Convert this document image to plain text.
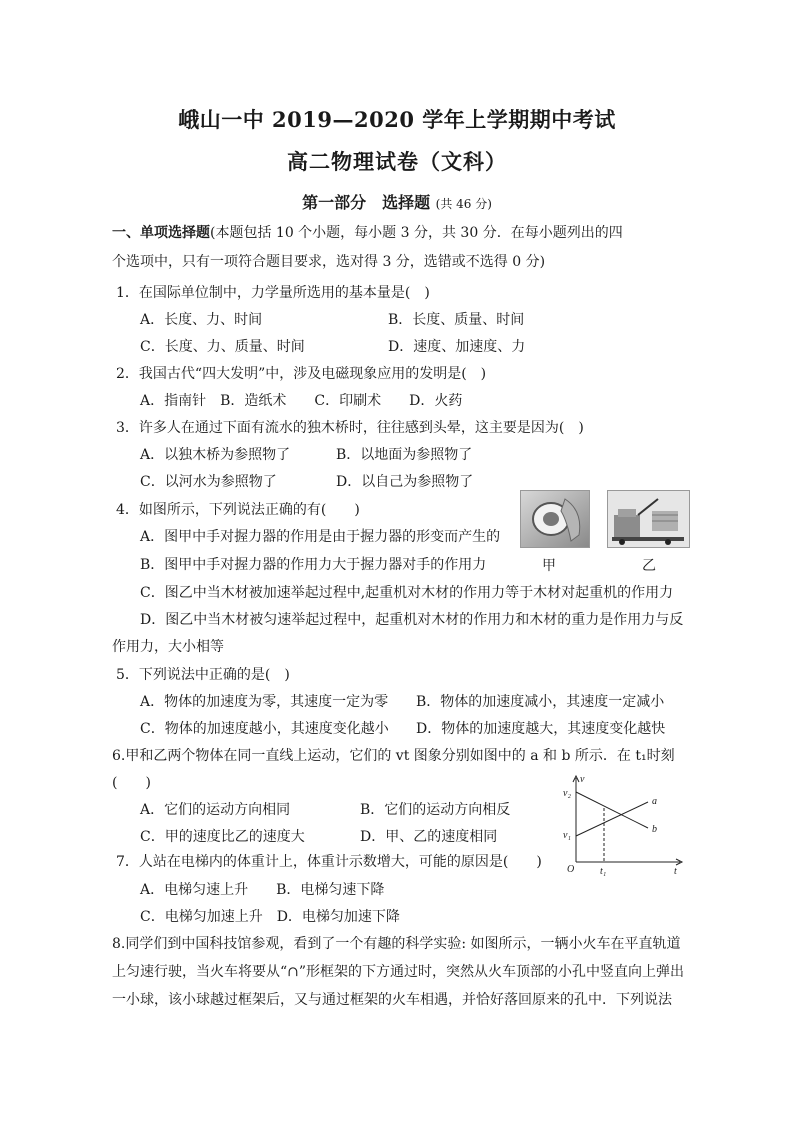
峨山一中 2019—2020 学年上学期期中考试
高二物理试卷（文科）
第一部分　选择题 (共 46 分)
一、单项选择题(本题包括 10 个小题，每小题 3 分，共 30 分．在每小题列出的四
个选项中，只有一项符合题目要求，选对得 3 分，选错或不选得 0 分)
1．在国际单位制中，力学量所选用的基本量是(　)
A．长度、力、时间	B．长度、质量、时间
C．长度、力、质量、时间	D．速度、加速度、力
2．我国古代“四大发明”中，涉及电磁现象应用的发明是(　)
A．指南针　B．造纸术　　C．印刷术　　D．火药
3．许多人在通过下面有流水的独木桥时，往往感到头晕，这主要是因为(　)
A．以独木桥为参照物了	B．以地面为参照物了
C．以河水为参照物了	D．以自己为参照物了
4．如图所示，下列说法正确的有(　　)
A．图甲中手对握力器的作用是由于握力器的形变而产生的
B．图甲中手对握力器的作用力大于握力器对手的作用力
C．图乙中当木材被加速举起过程中,起重机对木材的作用力等于木材对起重机的作用力
D．图乙中当木材被匀速举起过程中，起重机对木材的作用力和木材的重力是作用力与反
作用力，大小相等
甲	乙
5．下列说法中正确的是(　)
A．物体的加速度为零，其速度一定为零 B．物体的加速度减小，其速度一定减小
C．物体的加速度越小，其速度变化越小 D．物体的加速度越大，其速度变化越快
6.甲和乙两个物体在同一直线上运动，它们的 vt 图象分别如图中的 a 和 b 所示．在 t₁时刻
(　　)
A．它们的运动方向相同	B．它们的运动方向相反
C．甲的速度比乙的速度大	D．甲、乙的速度相同
v
v₂
v₁
O	t
t₁
a
b
7．人站在电梯内的体重计上，体重计示数增大，可能的原因是(　　)
A．电梯匀速上升　　B．电梯匀速下降
C．电梯匀加速上升　D．电梯匀加速下降
8.同学们到中国科技馆参观，看到了一个有趣的科学实验: 如图所示，一辆小火车在平直轨道
上匀速行驶，当火车将要从“∩”形框架的下方通过时，突然从火车顶部的小孔中竖直向上弹出
一小球，该小球越过框架后，又与通过框架的火车相遇，并恰好落回原来的孔中．下列说法
